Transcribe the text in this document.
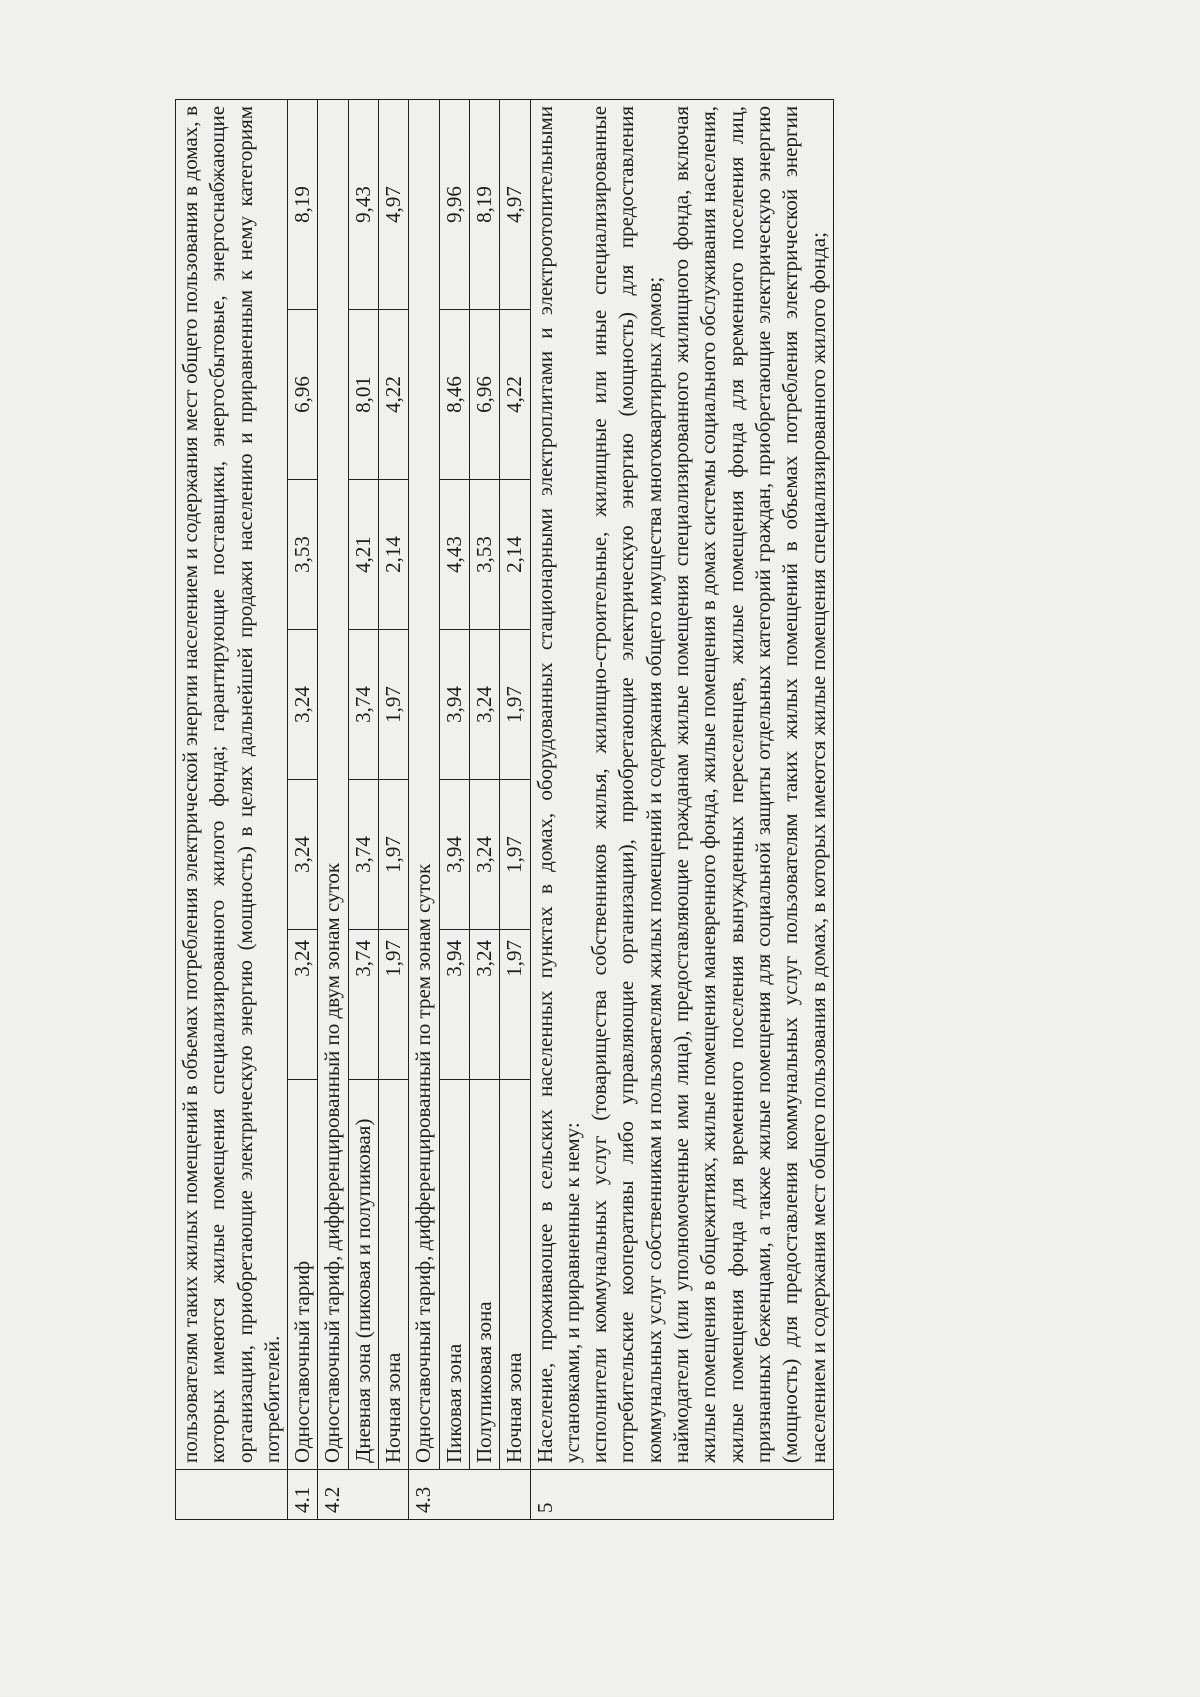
	пользователям таких жилых помещений в объемах потребления электрической энергии населением и содержания мест общего пользования в домах, в которых имеются жилые помещения специализированного жилого фонда; гарантирующие поставщики, энергосбытовые, энергоснабжающие организации, приобретающие электрическую энергию (мощность) в целях дальнейшей продажи населению и приравненным к нему категориям потребителей.						
4.1	Одноставочный тариф	3,24	3,24	3,24	3,53	6,96	8,19
4.2	Одноставочный тариф, дифференцированный по двум зонам суток						
	Дневная зона (пиковая и полупиковая)	3,74	3,74	3,74	4,21	8,01	9,43
	Ночная зона	1,97	1,97	1,97	2,14	4,22	4,97
4.3	Одноставочный тариф, дифференцированный по трем зонам суток						
	Пиковая зона	3,94	3,94	3,94	4,43	8,46	9,96
	Полупиковая зона	3,24	3,24	3,24	3,53	6,96	8,19
	Ночная зона	1,97	1,97	1,97	2,14	4,22	4,97
5	Население, проживающее в сельских населенных пунктах в домах, оборудованных стационарными электроплитами и электроотопительными установками, и приравненные к нему: исполнители коммунальных услуг (товарищества собственников жилья, жилищно-строительные, жилищные или иные специализированные потребительские кооперативы либо управляющие организации), приобретающие электрическую энергию (мощность) для предоставления коммунальных услуг собственникам и пользователям жилых помещений и содержания общего имущества многоквартирных домов; наймодатели (или уполномоченные ими лица), предоставляющие гражданам жилые помещения специализированного жилищного фонда, включая жилые помещения в общежитиях, жилые помещения маневренного фонда, жилые помещения в домах системы социального обслуживания населения, жилые помещения фонда для временного поселения вынужденных переселенцев, жилые помещения фонда для временного поселения лиц, признанных беженцами, а также жилые помещения для социальной защиты отдельных категорий граждан, приобретающие электрическую энергию (мощность) для предоставления коммунальных услуг пользователям таких жилых помещений в объемах потребления электрической энергии населением и содержания мест общего пользования в домах, в которых имеются жилые помещения специализированного жилого фонда;						
